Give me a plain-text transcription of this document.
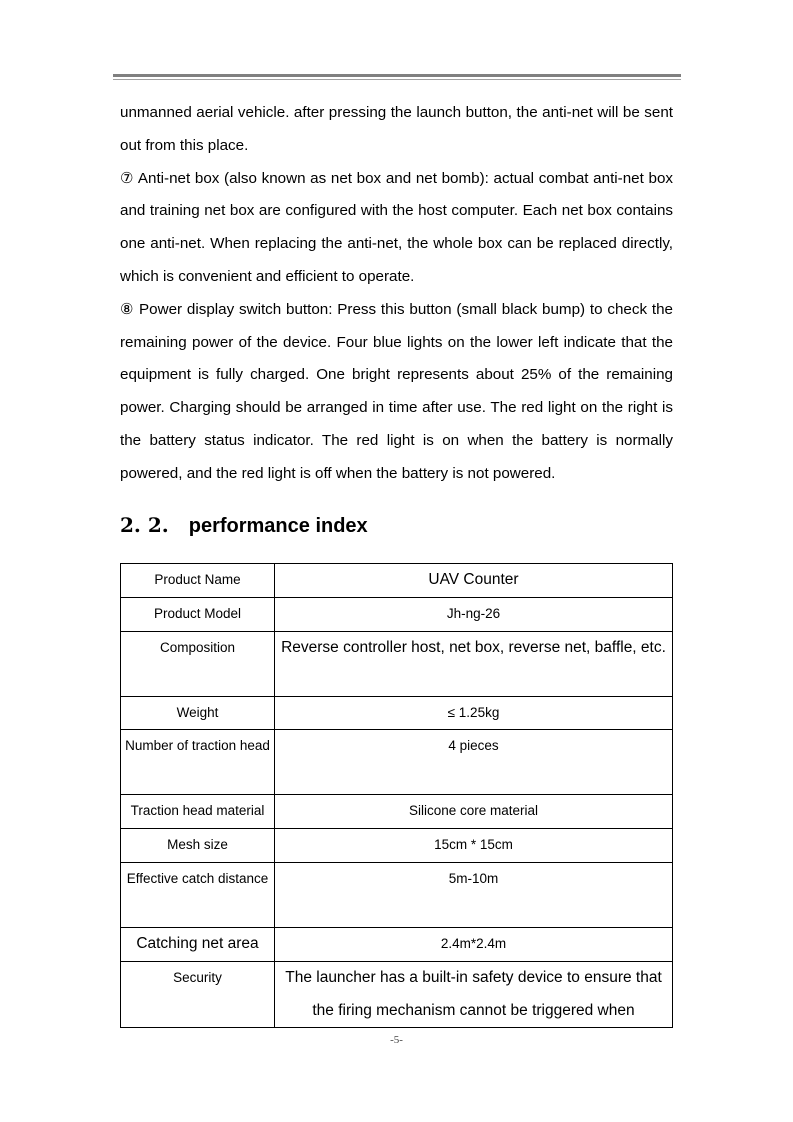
unmanned aerial vehicle. after pressing the launch button, the anti-net will be sent out from this place.

⑦ Anti-net box (also known as net box and net bomb): actual combat anti-net box and training net box are configured with the host computer. Each net box contains one anti-net. When replacing the anti-net, the whole box can be replaced directly, which is convenient and efficient to operate.

⑧ Power display switch button: Press this button (small black bump) to check the remaining power of the device. Four blue lights on the lower left indicate that the equipment is fully charged. One bright represents about 25% of the remaining power. Charging should be arranged in time after use. The red light on the right is the battery status indicator. The red light is on when the battery is normally powered, and the red light is off when the battery is not powered.

2. 2. performance index
Product Name	UAV Counter
Product Model	Jh-ng-26
Composition	Reverse controller host, net box, reverse net, baffle, etc.
Weight	≤ 1.25kg
Number of traction head	4 pieces
Traction head material	Silicone core material
Mesh size	15cm * 15cm
Effective catch distance	5m-10m
Catching net area	2.4m*2.4m
Security	The launcher has a built-in safety device to ensure that the firing mechanism cannot be triggered when
-5-
